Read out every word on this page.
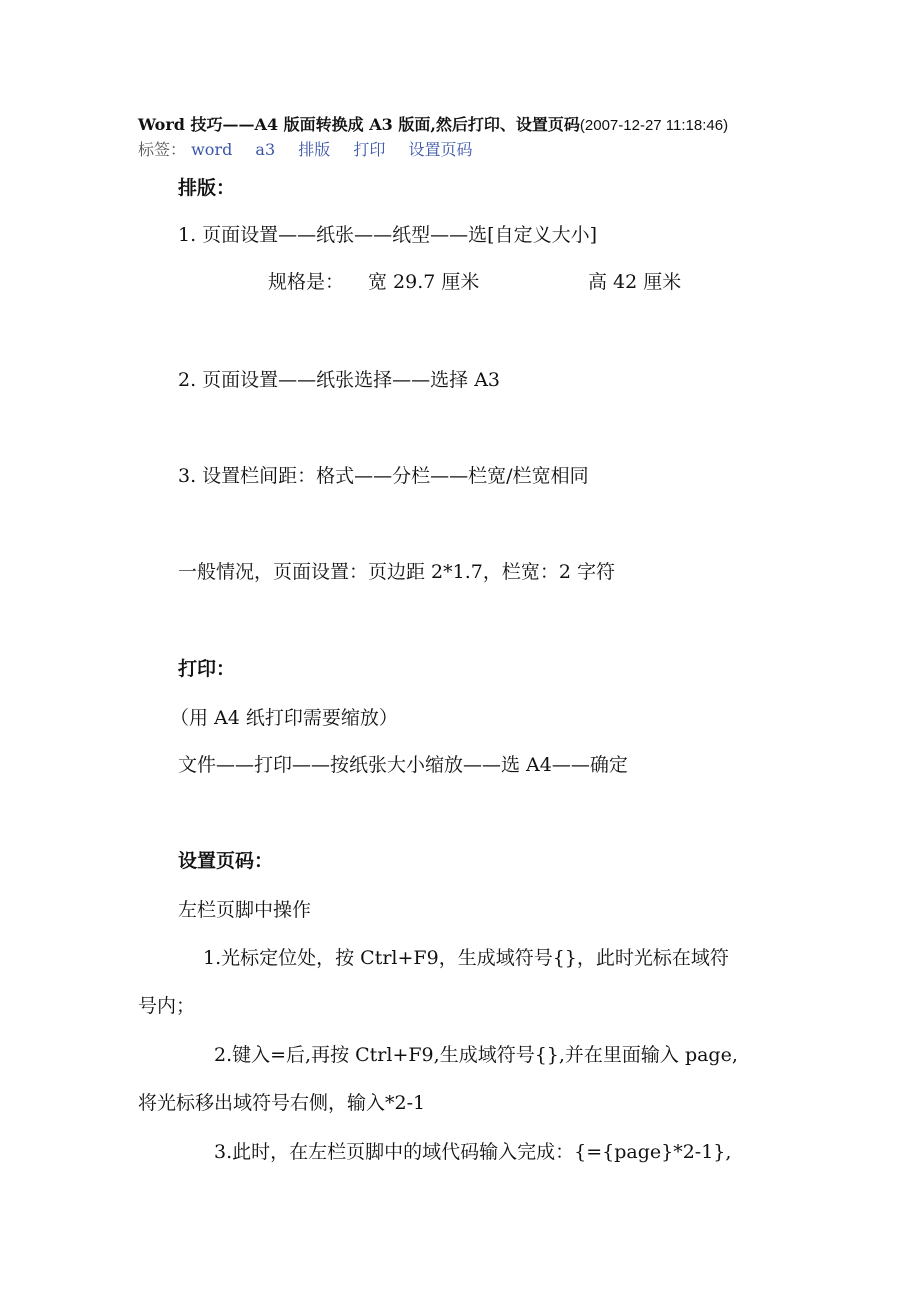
Word 技巧——A4 版面转换成 A3 版面,然后打印、设置页码(2007-12-27 11:18:46)
标签： word a3 排版 打印 设置页码
排版：
1. 页面设置——纸张——纸型——选[自定义大小]
规格是： 宽 29.7 厘米	高 42 厘米
2. 页面设置——纸张选择——选择 A3
3. 设置栏间距：格式——分栏——栏宽/栏宽相同
一般情况，页面设置：页边距 2*1.7，栏宽：2 字符
打印：
（用 A4 纸打印需要缩放）
文件——打印——按纸张大小缩放——选 A4——确定
设置页码：
左栏页脚中操作
1.光标定位处，按 Ctrl+F9，生成域符号{}，此时光标在域符
号内；
2.键入=后,再按 Ctrl+F9,生成域符号{},并在里面输入 page,
将光标移出域符号右侧，输入*2-1
3.此时，在左栏页脚中的域代码输入完成：{={page}*2-1},
